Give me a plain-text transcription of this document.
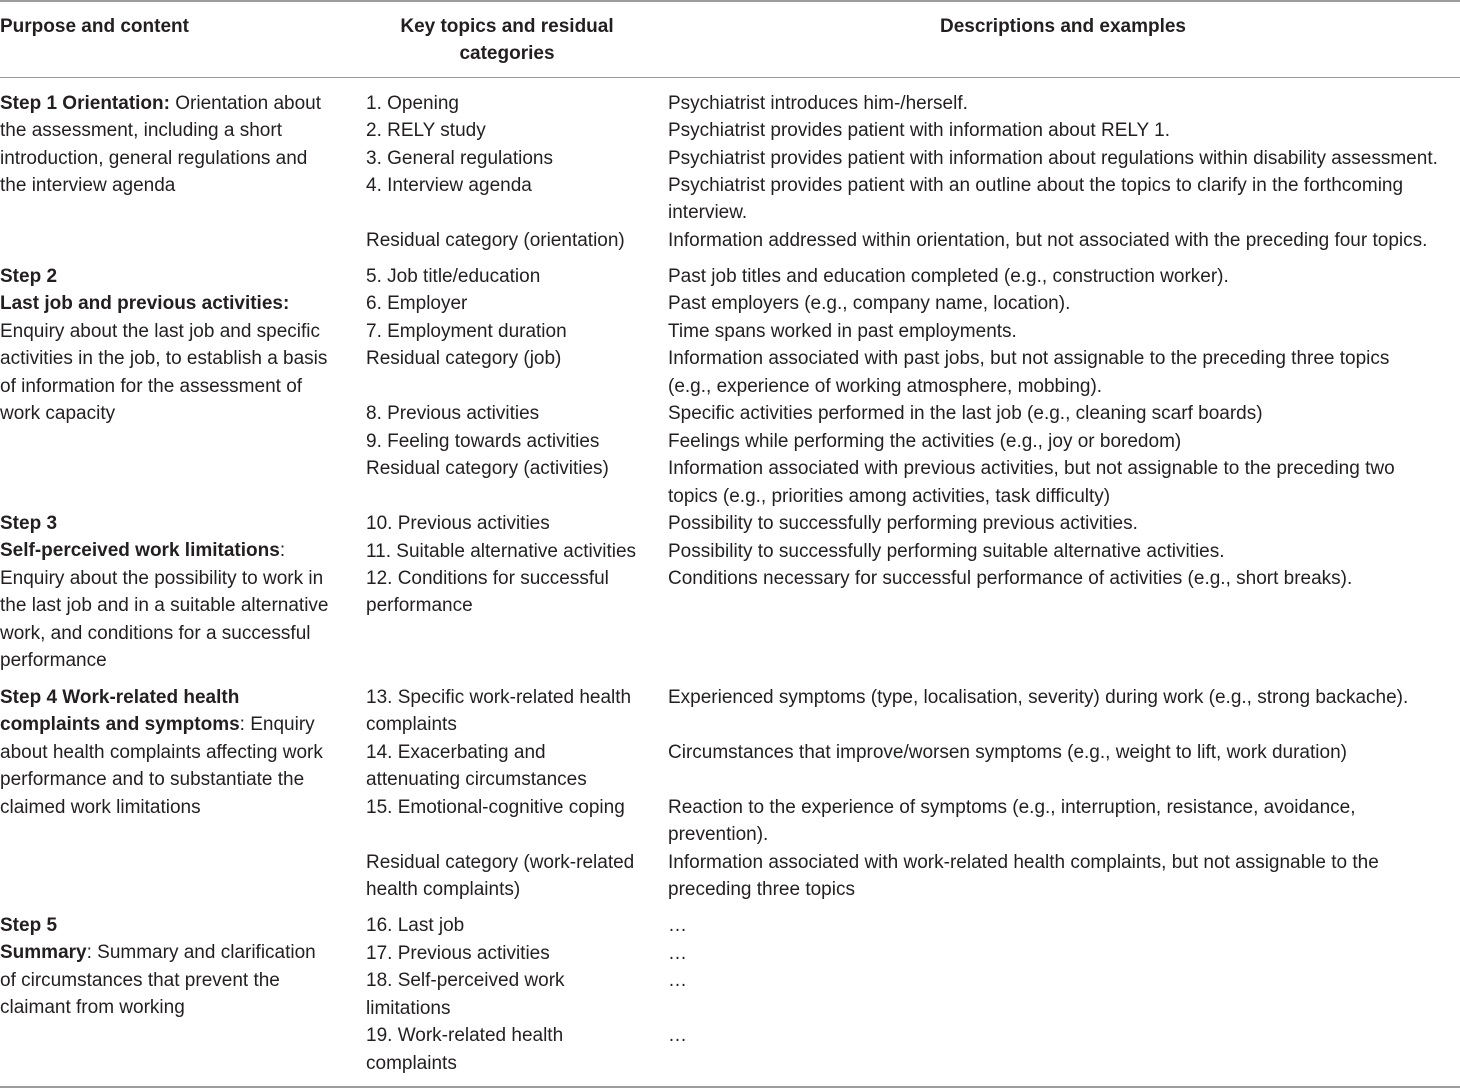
Purpose and content	Key topics and residual
categories
Descriptions and examples
Step 1 Orientation: Orientation about
the assessment, including a short
introduction, general regulations and
the interview agenda
1. Opening
2. RELY study
3. General regulations
4. Interview agenda
Residual category (orientation)
Psychiatrist introduces him-/herself.
Psychiatrist provides patient with information about RELY 1.
Psychiatrist provides patient with information about regulations within disability assessment.
Psychiatrist provides patient with an outline about the topics to clarify in the forthcoming
interview.
Information addressed within orientation, but not associated with the preceding four topics.
Step 2
Last job and previous activities:
Enquiry about the last job and specific
activities in the job, to establish a basis
of information for the assessment of
work capacity
5. Job title/education
6. Employer
7. Employment duration
Residual category (job)
8. Previous activities
9. Feeling towards activities
Residual category (activities)
Past job titles and education completed (e.g., construction worker).
Past employers (e.g., company name, location).
Time spans worked in past employments.
Information associated with past jobs, but not assignable to the preceding three topics
(e.g., experience of working atmosphere, mobbing).
Specific activities performed in the last job (e.g., cleaning scarf boards)
Feelings while performing the activities (e.g., joy or boredom)
Information associated with previous activities, but not assignable to the preceding two
topics (e.g., priorities among activities, task difficulty)
Step 3
Self-perceived work limitations:
Enquiry about the possibility to work in
the last job and in a suitable alternative
work, and conditions for a successful
performance
10. Previous activities
11. Suitable alternative activities
12. Conditions for successful
performance
Possibility to successfully performing previous activities.
Possibility to successfully performing suitable alternative activities.
Conditions necessary for successful performance of activities (e.g., short breaks).
Step 4 Work-related health
complaints and symptoms: Enquiry
about health complaints affecting work
performance and to substantiate the
claimed work limitations
13. Specific work-related health
complaints
14. Exacerbating and
attenuating circumstances
15. Emotional-cognitive coping
Residual category (work-related
health complaints)
Experienced symptoms (type, localisation, severity) during work (e.g., strong backache).
Circumstances that improve/worsen symptoms (e.g., weight to lift, work duration)
Reaction to the experience of symptoms (e.g., interruption, resistance, avoidance,
prevention).
Information associated with work-related health complaints, but not assignable to the
preceding three topics
Step 5
Summary: Summary and clarification
of circumstances that prevent the
claimant from working
16. Last job
17. Previous activities
18. Self-perceived work
limitations
19. Work-related health
complaints
…
…
…
…
